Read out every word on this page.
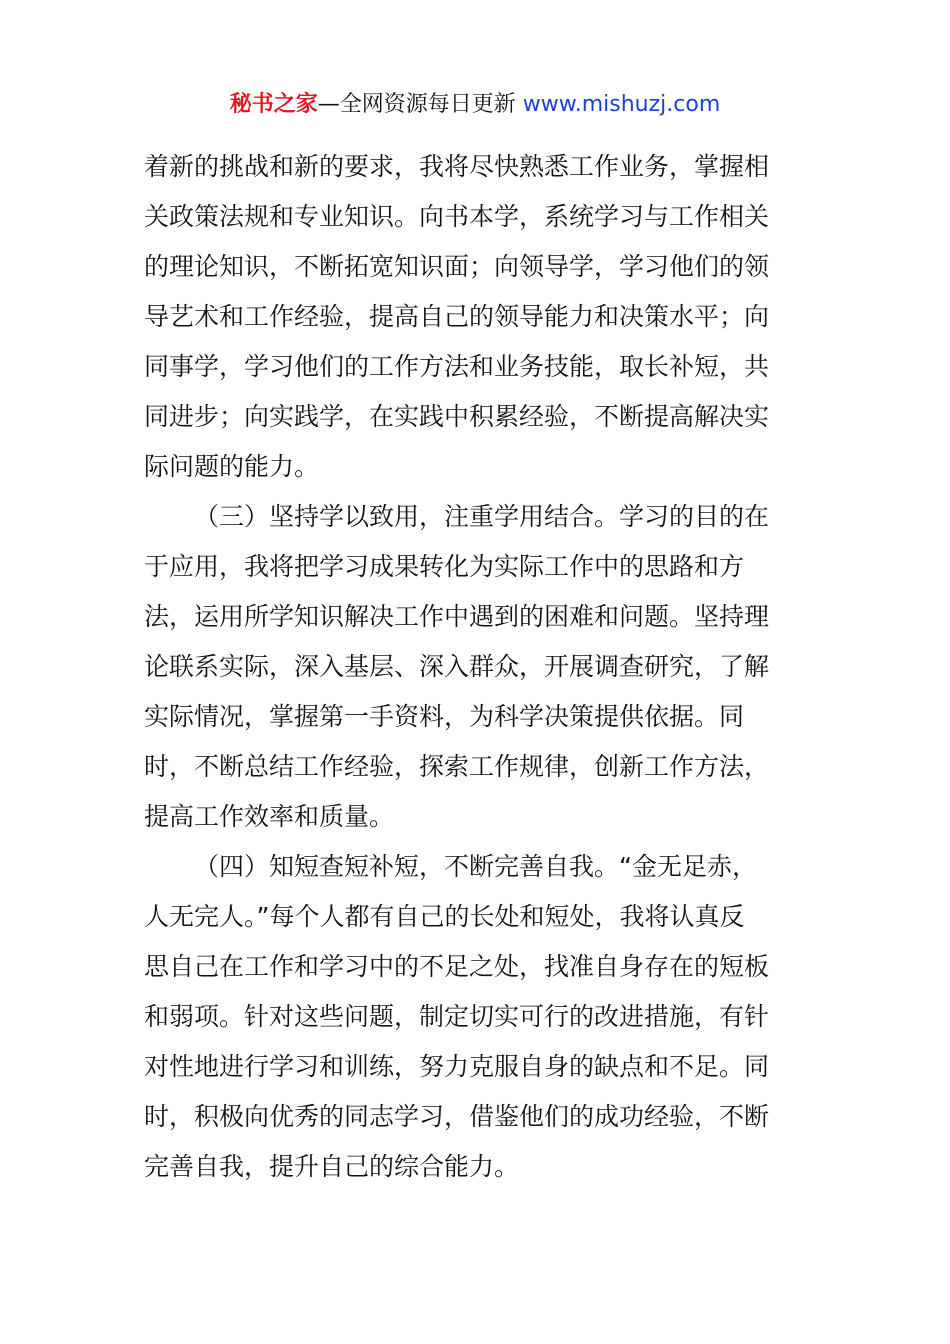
秘书之家—全网资源每日更新 www.mishuzj.com
着新的挑战和新的要求，我将尽快熟悉工作业务，掌握相
关政策法规和专业知识。向书本学，系统学习与工作相关
的理论知识，不断拓宽知识面；向领导学，学习他们的领
导艺术和工作经验，提高自己的领导能力和决策水平；向
同事学，学习他们的工作方法和业务技能，取长补短，共
同进步；向实践学，在实践中积累经验，不断提高解决实
际问题的能力。
（三）坚持学以致用，注重学用结合。学习的目的在
于应用，我将把学习成果转化为实际工作中的思路和方
法，运用所学知识解决工作中遇到的困难和问题。坚持理
论联系实际，深入基层、深入群众，开展调查研究，了解
实际情况，掌握第一手资料，为科学决策提供依据。同
时，不断总结工作经验，探索工作规律，创新工作方法，
提高工作效率和质量。
（四）知短查短补短，不断完善自我。“金无足赤，
人无完人。”每个人都有自己的长处和短处，我将认真反
思自己在工作和学习中的不足之处，找准自身存在的短板
和弱项。针对这些问题，制定切实可行的改进措施，有针
对性地进行学习和训练，努力克服自身的缺点和不足。同
时，积极向优秀的同志学习，借鉴他们的成功经验，不断
完善自我，提升自己的综合能力。
